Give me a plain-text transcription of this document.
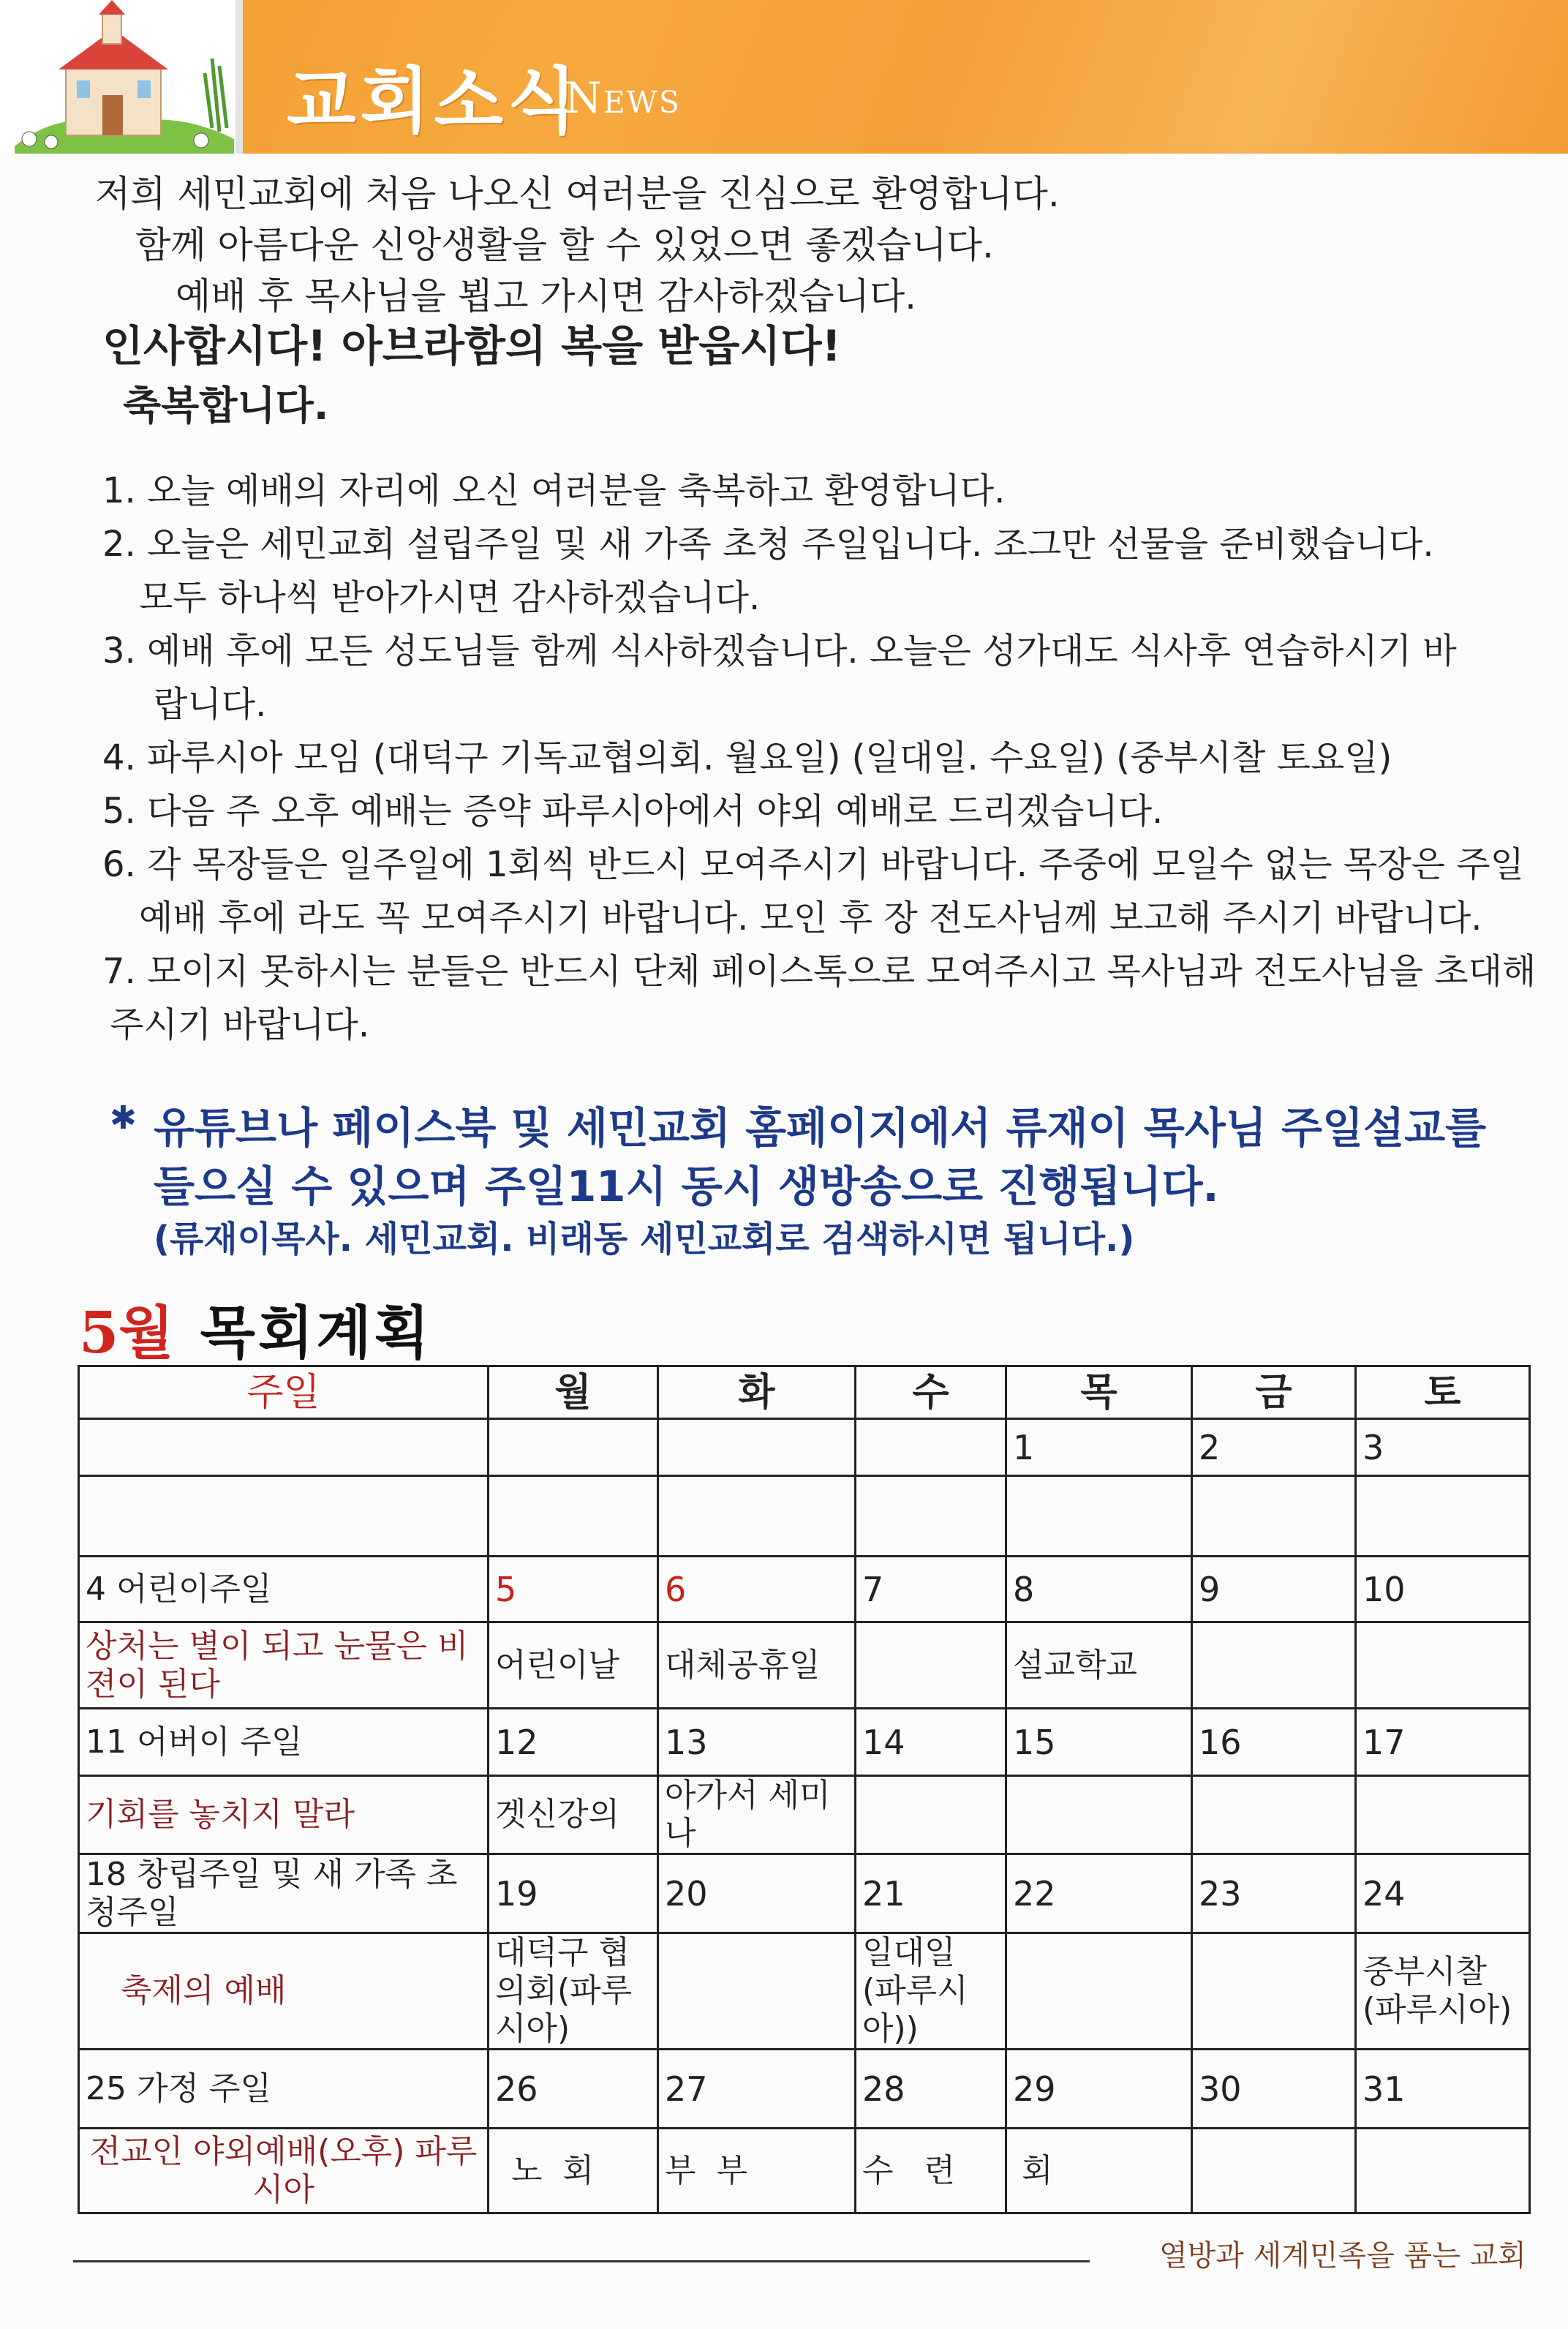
교회소식
News
저희 세민교회에 처음 나오신 여러분을 진심으로 환영합니다.
함께 아름다운 신앙생활을 할 수 있었으면 좋겠습니다.
예배 후 목사님을 뵙고 가시면 감사하겠습니다.
인사합시다! 아브라함의 복을 받읍시다!
축복합니다.
1. 오늘 예배의 자리에 오신 여러분을 축복하고 환영합니다.
2. 오늘은 세민교회 설립주일 및 새 가족 초청 주일입니다. 조그만 선물을 준비했습니다.
모두 하나씩 받아가시면 감사하겠습니다.
3. 예배 후에 모든 성도님들 함께 식사하겠습니다. 오늘은 성가대도 식사후 연습하시기 바
랍니다.
4. 파루시아 모임 (대덕구 기독교협의회. 월요일) (일대일. 수요일) (중부시찰 토요일)
5. 다음 주 오후 예배는 증약 파루시아에서 야외 예배로 드리겠습니다.
6. 각 목장들은 일주일에 1회씩 반드시 모여주시기 바랍니다. 주중에 모일수 없는 목장은 주일
예배 후에 라도 꼭 모여주시기 바랍니다. 모인 후 장 전도사님께 보고해 주시기 바랍니다.
7. 모이지 못하시는 분들은 반드시 단체 페이스톡으로 모여주시고 목사님과 전도사님을 초대해
주시기 바랍니다.
✱ 유튜브나 페이스북 및 세민교회 홈페이지에서 류재이 목사님 주일설교를
들으실 수 있으며 주일11시 동시 생방송으로 진행됩니다.
(류재이목사. 세민교회. 비래동 세민교회로 검색하시면 됩니다.)
5월 목회계획
주일	월	화	수	목	금	토
				1	2	3

4 어린이주일	5	6	7	8	9	10
상처는 별이 되고 눈물은 비젼이 된다	어린이날	대체공휴일		설교학교		
11 어버이 주일	12	13	14	15	16	17
기회를 놓치지 말라	겟신강의	아가서 세미나				
18 창립주일 및 새 가족 초청주일	19	20	21	22	23	24
축제의 예배	대덕구 협의회(파루시아)		일대일(파루시아))			중부시찰(파루시아)
25 가정 주일	26	27	28	29	30	31
전교인 야외예배(오후) 파루시아	노  회	부  부	수   련	회		
열방과 세계민족을 품는 교회
